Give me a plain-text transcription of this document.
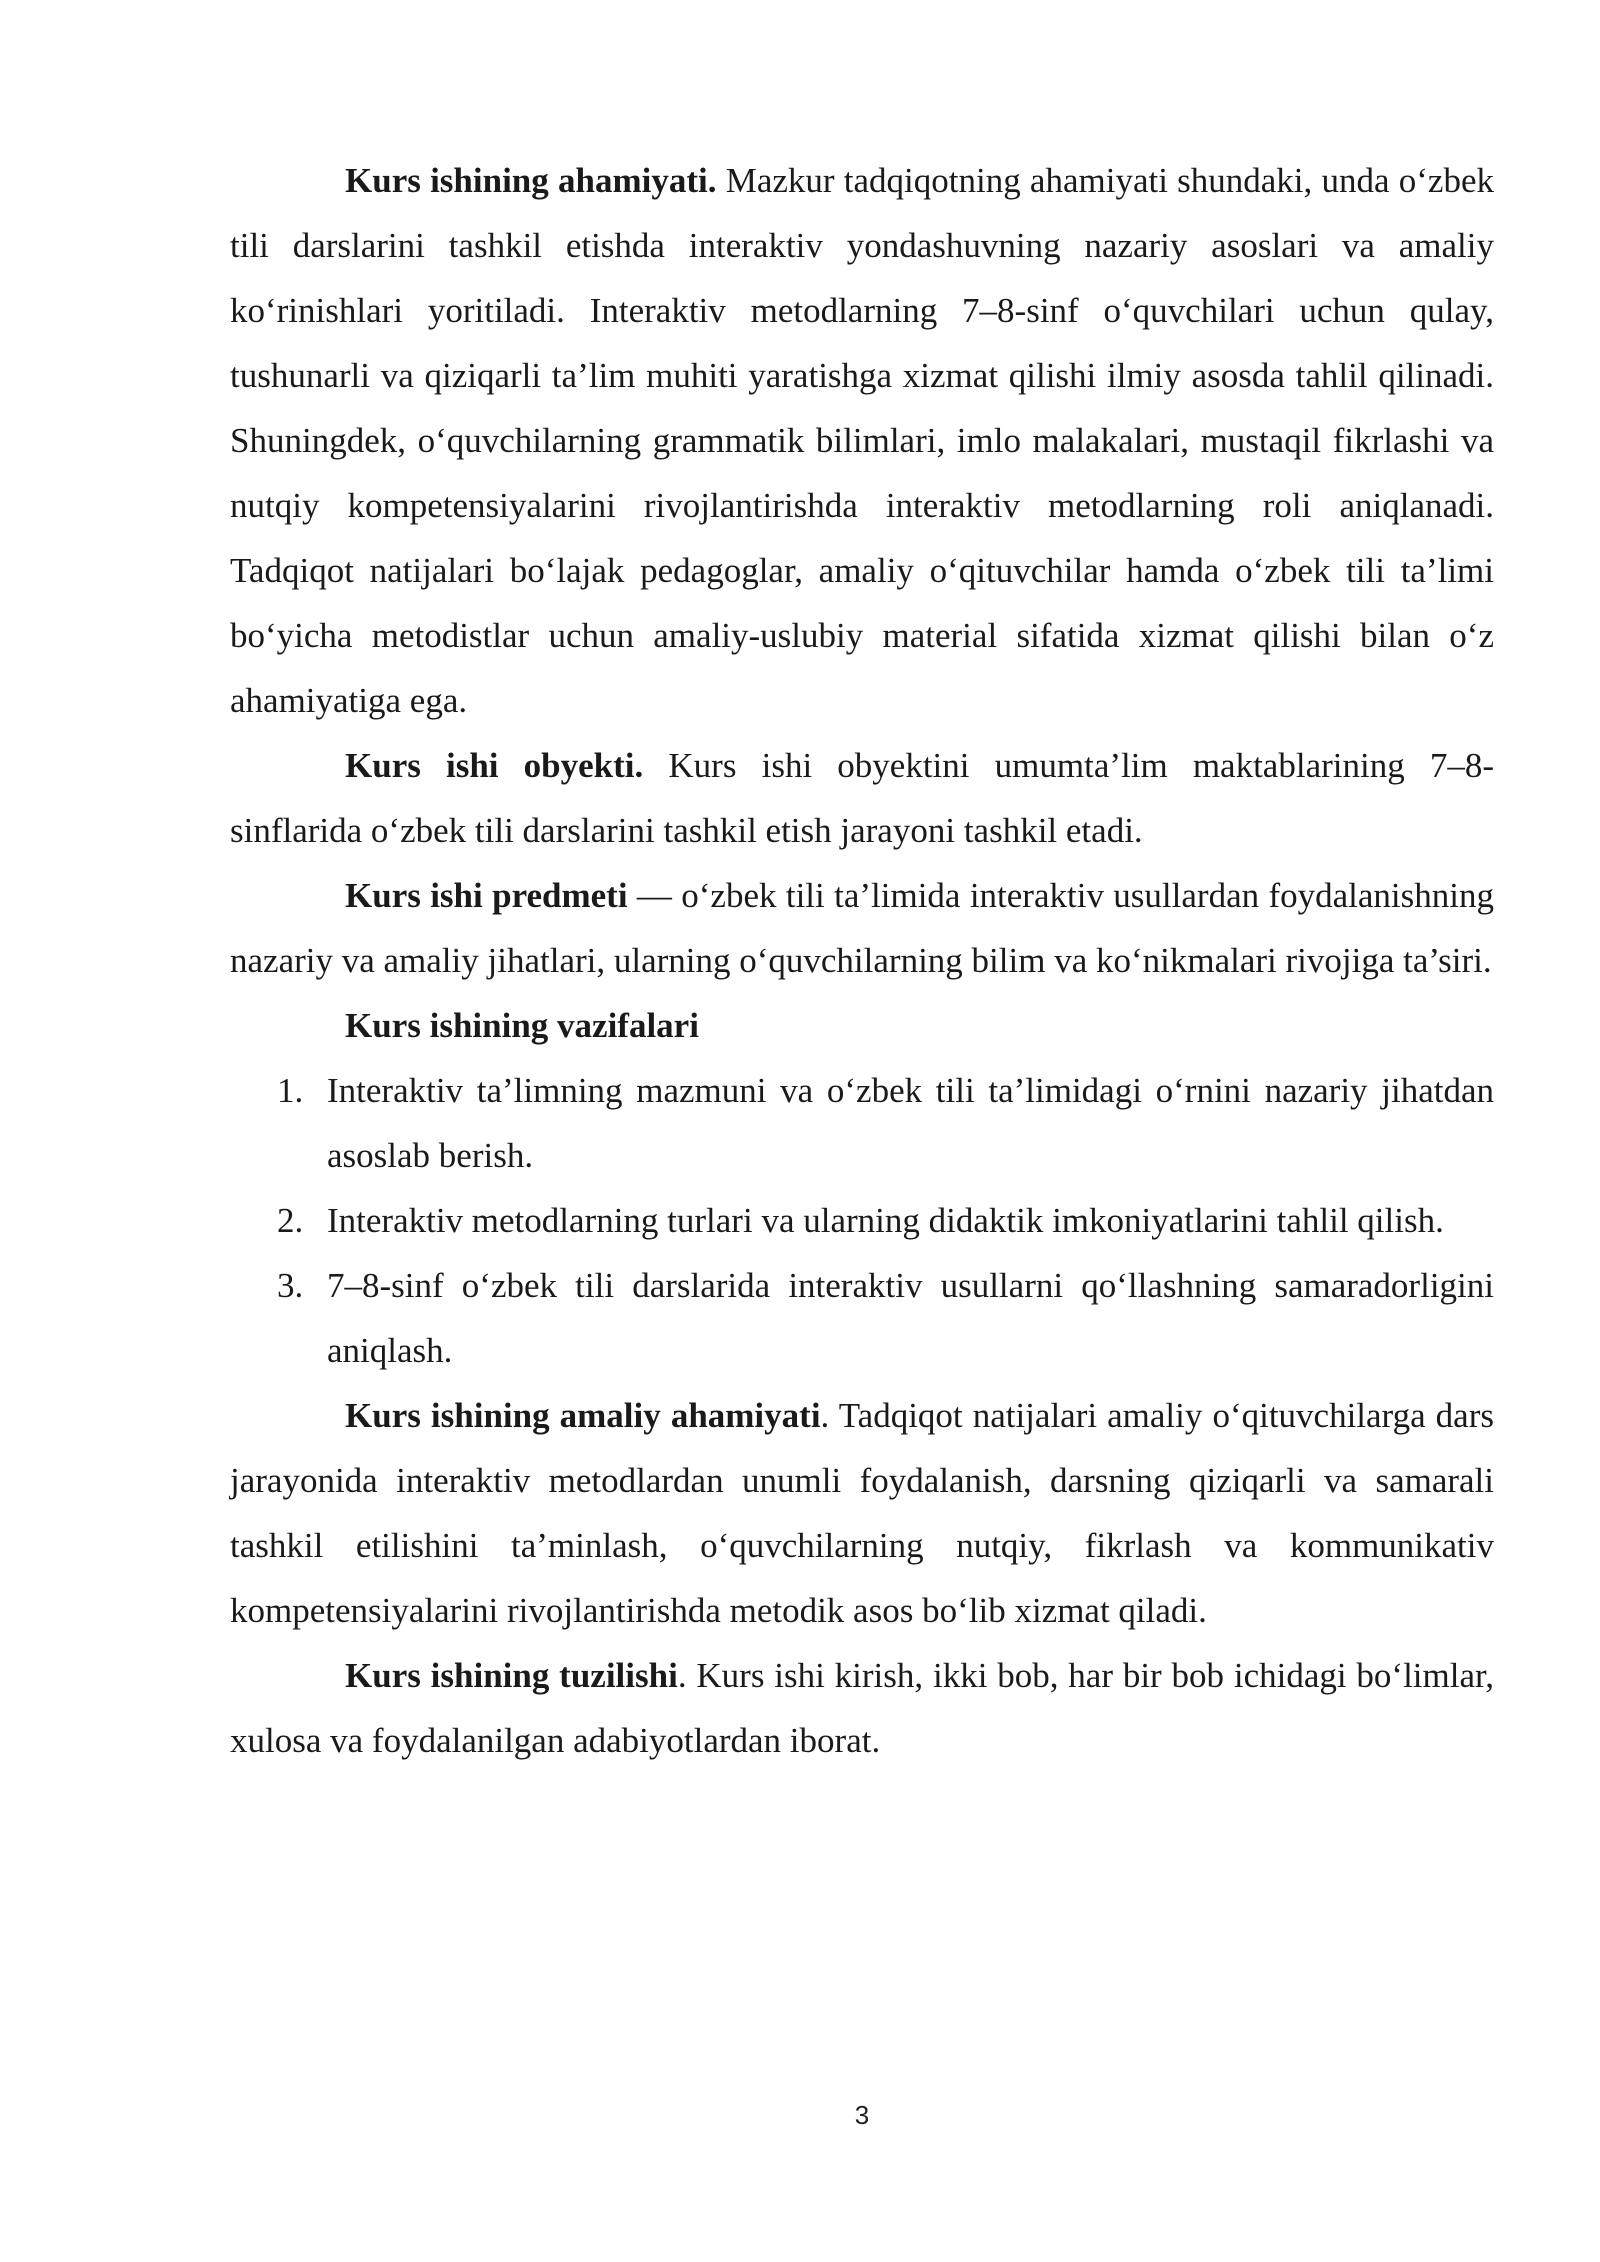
Kurs ishining ahamiyati. Mazkur tadqiqotning ahamiyati shundaki, unda o‘zbek tili darslarini tashkil etishda interaktiv yondashuvning nazariy asoslari va amaliy ko‘rinishlari yoritiladi. Interaktiv metodlarning 7–8-sinf o‘quvchilari uchun qulay, tushunarli va qiziqarli ta’lim muhiti yaratishga xizmat qilishi ilmiy asosda tahlil qilinadi. Shuningdek, o‘quvchilarning grammatik bilimlari, imlo malakalari, mustaqil fikrlashi va nutqiy kompetensiyalarini rivojlantirishda interaktiv metodlarning roli aniqlanadi. Tadqiqot natijalari bo‘lajak pedagoglar, amaliy o‘qituvchilar hamda o‘zbek tili ta’limi bo‘yicha metodistlar uchun amaliy-uslubiy material sifatida xizmat qilishi bilan o‘z ahamiyatiga ega.

Kurs ishi obyekti. Kurs ishi obyektini umumta’lim maktablarining 7–8-sinflarida o‘zbek tili darslarini tashkil etish jarayoni tashkil etadi.

Kurs ishi predmeti — o‘zbek tili ta’limida interaktiv usullardan foydalanishning nazariy va amaliy jihatlari, ularning o‘quvchilarning bilim va ko‘nikmalari rivojiga ta’siri.

Kurs ishining vazifalari

1. Interaktiv ta’limning mazmuni va o‘zbek tili ta’limidagi o‘rnini nazariy jihatdan asoslab berish.
2. Interaktiv metodlarning turlari va ularning didaktik imkoniyatlarini tahlil qilish.
3. 7–8-sinf o‘zbek tili darslarida interaktiv usullarni qo‘llashning samaradorligini aniqlash.

Kurs ishining amaliy ahamiyati. Tadqiqot natijalari amaliy o‘qituvchilarga dars jarayonida interaktiv metodlardan unumli foydalanish, darsning qiziqarli va samarali tashkil etilishini ta’minlash, o‘quvchilarning nutqiy, fikrlash va kommunikativ kompetensiyalarini rivojlantirishda metodik asos bo‘lib xizmat qiladi.

Kurs ishining tuzilishi. Kurs ishi kirish, ikki bob, har bir bob ichidagi bo‘limlar, xulosa va foydalanilgan adabiyotlardan iborat.

3
